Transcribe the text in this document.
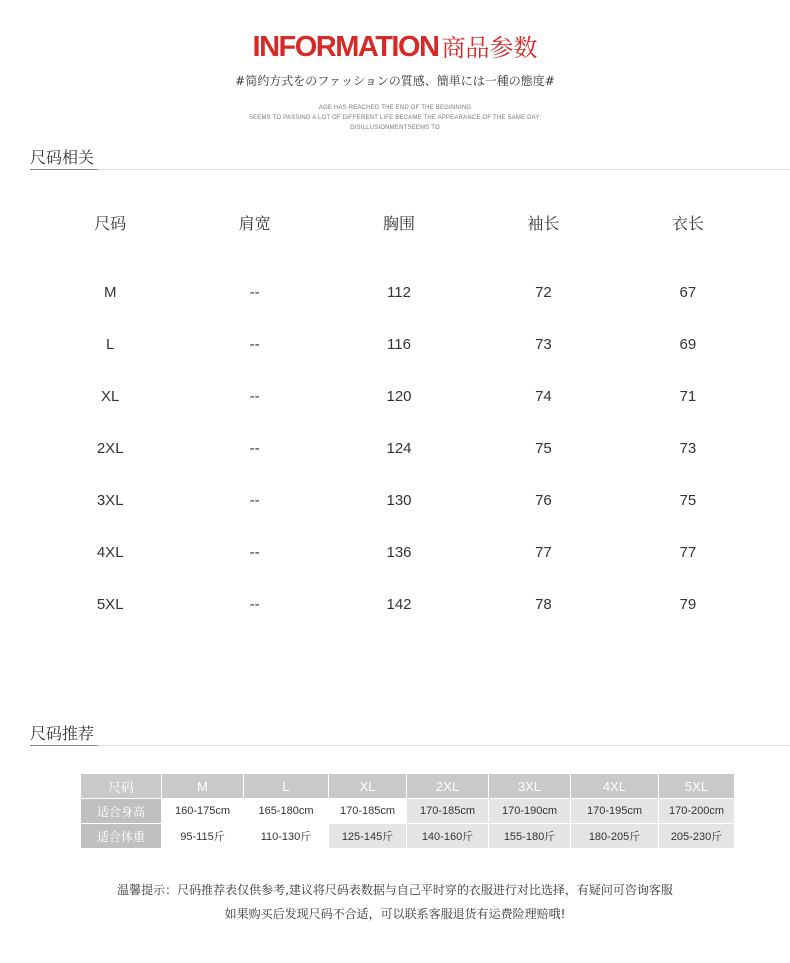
INFORMATION 商品参数
#简约方式をのファッションの質感、簡単には一種の態度#
AGE HAS REACHED THE END OF THE BEGINNING
SEEMS TO PASSING A LOT OF DIFFERENT LIFE BECAME THE APPEARANCE OF THE SAME DAY;
DISILLUSIONMENTSEEMS TO
尺码相关
尺码	肩宽	胸围	袖长	衣长
M	--	112	72	67
L	--	116	73	69
XL	--	120	74	71
2XL	--	124	75	73
3XL	--	130	76	75
4XL	--	136	77	77
5XL	--	142	78	79
尺码推荐
尺码	M	L	XL	2XL	3XL	4XL	5XL
适合身高	160-175cm	165-180cm	170-185cm	170-185cm	170-190cm	170-195cm	170-200cm
适合体重	95-115斤	110-130斤	125-145斤	140-160斤	155-180斤	180-205斤	205-230斤
温馨提示：尺码推荐表仅供参考,建议将尺码表数据与自己平时穿的衣服进行对比选择，有疑问可咨询客服
如果购买后发现尺码不合适，可以联系客服退货有运费险理赔哦!
